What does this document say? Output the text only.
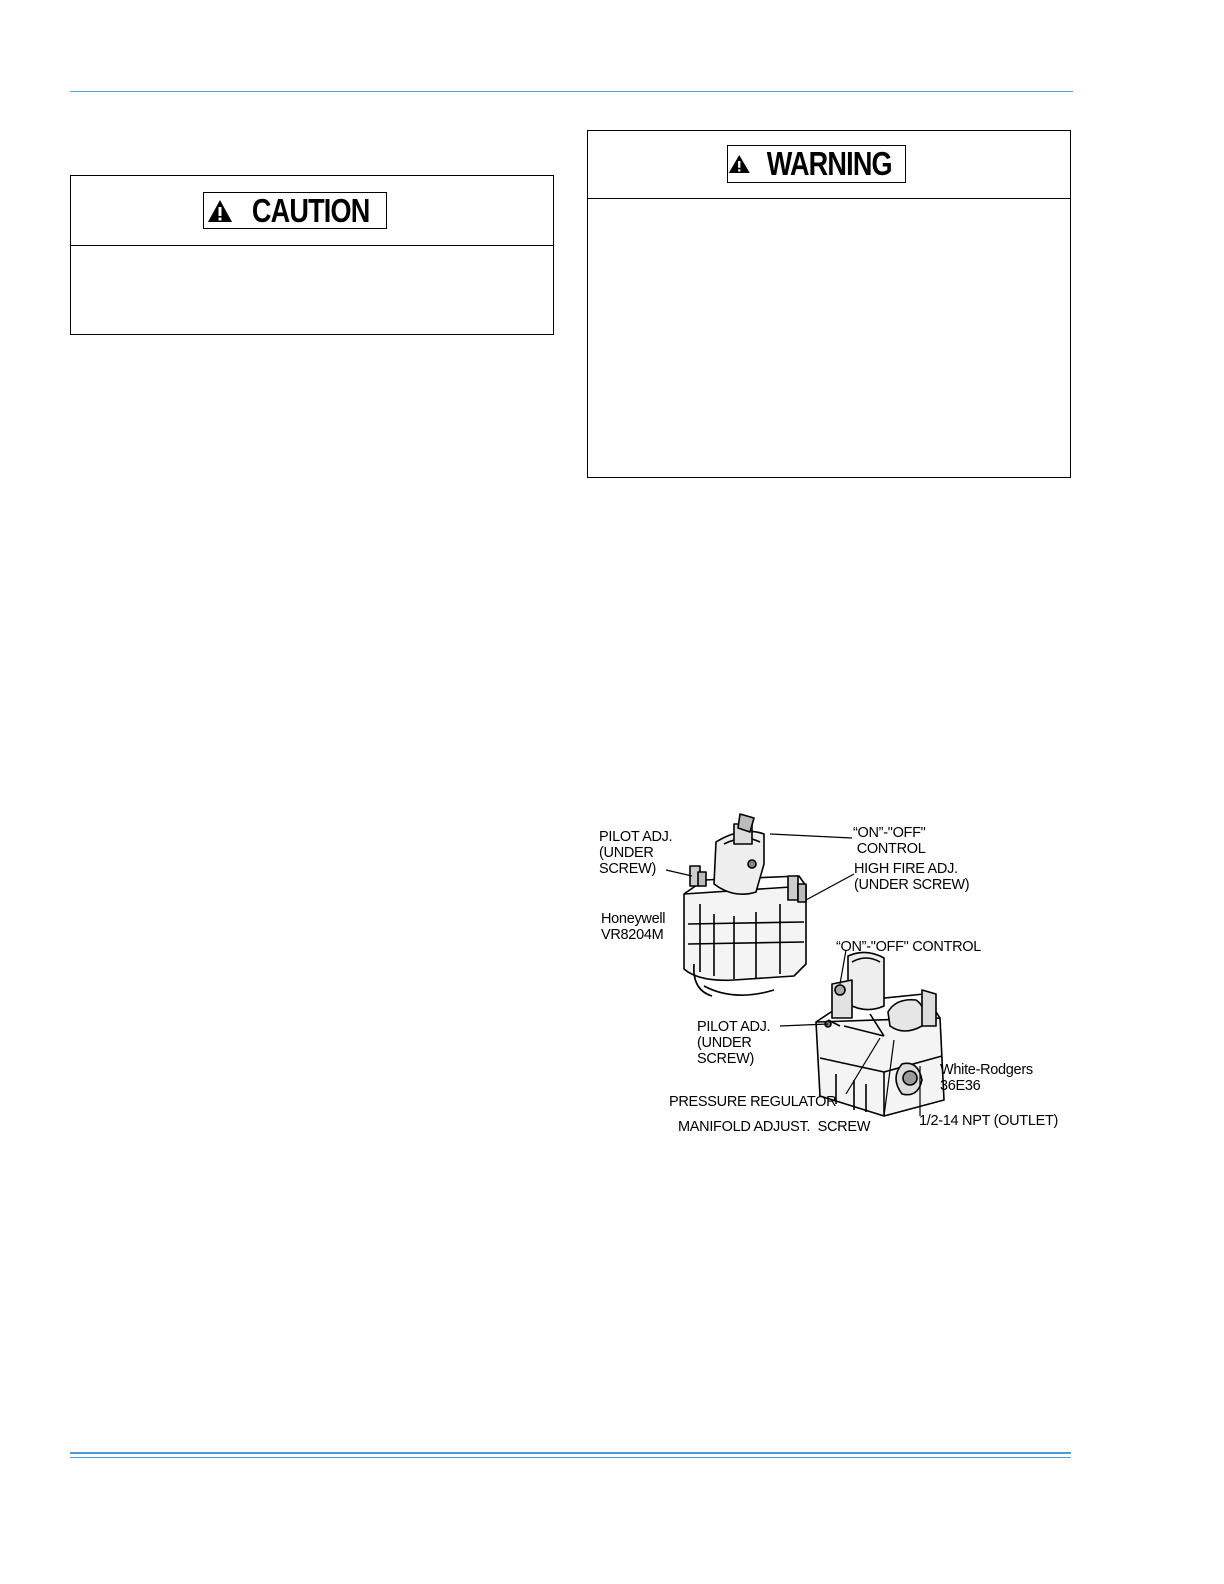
CAUTION
WARNING
PILOT ADJ.
(UNDER
SCREW)
“ON”-"OFF"
CONTROL
HIGH FIRE ADJ.
(UNDER SCREW)
Honeywell
VR8204M
“ON”-"OFF" CONTROL
PILOT ADJ.
(UNDER
SCREW)
White-Rodgers
36E36
PRESSURE REGULATOR
MANIFOLD ADJUST.  SCREW	1/2-14 NPT (OUTLET)
